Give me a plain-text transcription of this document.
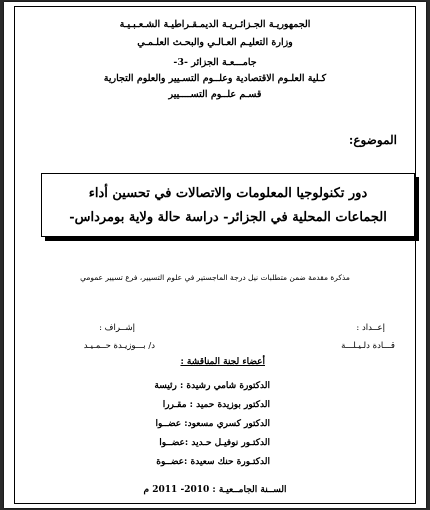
الجمهوريـة الجـزائـريـة الديمـقـراطيـة الشـعـبـيـة
وزارة التعليـم العـالـي والبحـث العلـمـي
جامـــعـة الجزائر -3-
كـلية العلـوم الاقتصادية وعلــوم التسـيير والعلوم التجارية
قسـم علــوم التســــيير
الموضوع:
دور تكنولوجيا المعلومات والاتصالات في تحسين أداء
الجماعات المحلية في الجزائر- دراسة حالة ولاية بومرداس-
مذكرة مقدمة ضمن متطلبات نيل درجة الماجستير في علوم التسيير، فرع تسيير عمومي
إعــداد :
قـــادة دلـيـلـــة
إشــراف :
د/ بـــوزيـدة حــمـيـد
أعضاء لجنة المناقشة :
الدكتورة شامي رشيدة : رئيسة
الدكتور بوزيدة حميد : مقـررا
الدكتور كسري مسعود: عضــوا
الدكتـور نوفيـل حـديد :عضــوا
الدكتـورة حنك سعيدة :عضــوة
الســنة الجامــعيـة : 2010- 2011 م
